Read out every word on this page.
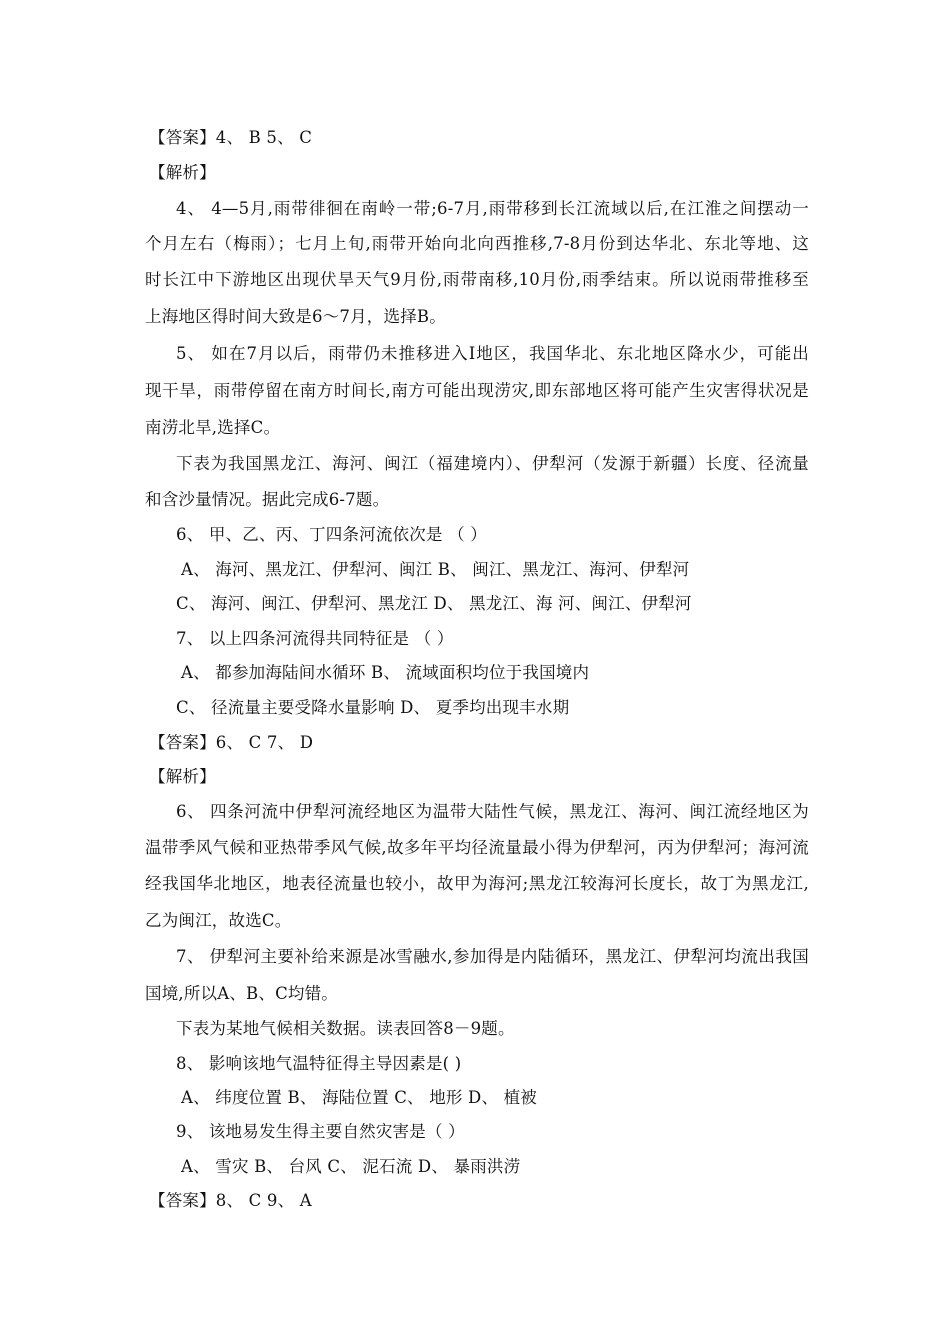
【答案】4、 B 5、 C
【解析】
4、 4—5月,雨带徘徊在南岭一带;6-7月,雨带移到长江流域以后,在江淮之间摆动一
个月左右（梅雨）；七月上旬,雨带开始向北向西推移,7-8月份到达华北、东北等地、这
时长江中下游地区出现伏旱天气9月份,雨带南移,10月份,雨季结束。所以说雨带推移至
上海地区得时间大致是6～7月，选择B。
5、 如在7月以后，雨带仍未推移进入Ⅰ地区，我国华北、东北地区降水少，可能出
现干旱，雨带停留在南方时间长,南方可能出现涝灾,即东部地区将可能产生灾害得状况是
南涝北旱,选择C。
下表为我国黑龙江、海河、闽江（福建境内）、伊犁河（发源于新疆）长度、径流量
和含沙量情况。据此完成6-7题。
6、 甲、乙、丙、丁四条河流依次是 （ ）
A、 海河、黑龙江、伊犁河、闽江 B、 闽江、黑龙江、海河、伊犁河
C、 海河、闽江、伊犁河、黑龙江 D、 黑龙江、海 河、闽江、伊犁河
7、 以上四条河流得共同特征是 （ ）
A、 都参加海陆间水循环 B、 流域面积均位于我国境内
C、 径流量主要受降水量影响 D、 夏季均出现丰水期
【答案】6、 C 7、 D
【解析】
6、 四条河流中伊犁河流经地区为温带大陆性气候，黑龙江、海河、闽江流经地区为
温带季风气候和亚热带季风气候,故多年平均径流量最小得为伊犁河，丙为伊犁河；海河流
经我国华北地区，地表径流量也较小，故甲为海河;黑龙江较海河长度长，故丁为黑龙江,
乙为闽江，故选C。
7、 伊犁河主要补给来源是冰雪融水,参加得是内陆循环，黑龙江、伊犁河均流出我国
国境,所以A、B、C均错。
下表为某地气候相关数据。读表回答8－9题。
8、 影响该地气温特征得主导因素是( )
A、 纬度位置 B、 海陆位置 C、 地形 D、 植被
9、 该地易发生得主要自然灾害是（ ）
A、 雪灾 B、 台风 C、 泥石流 D、 暴雨洪涝
【答案】8、 C 9、 A
